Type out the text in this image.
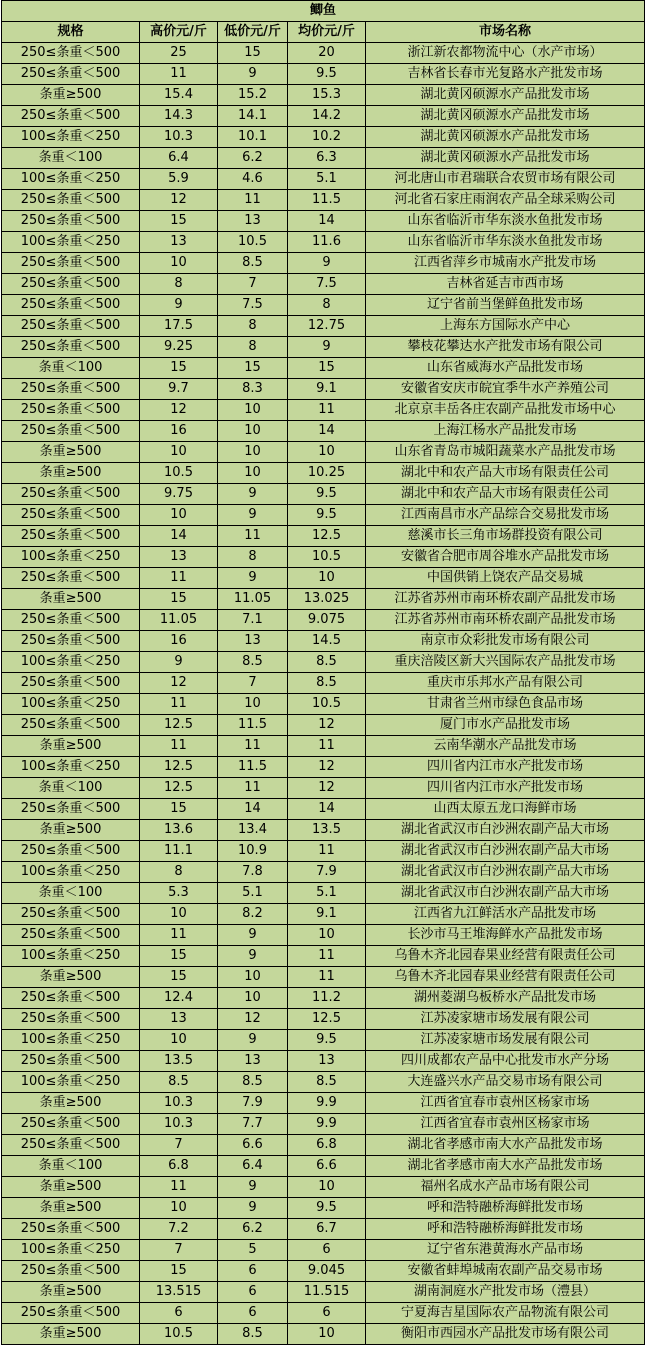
鲫鱼				
规格	高价元/斤	低价元/斤	均价元/斤	市场名称
250≤条重＜500	25	15	20	浙江新农都物流中心（水产市场）
250≤条重＜500	11	9	9.5	吉林省长春市光复路水产批发市场
条重≥500	15.4	15.2	15.3	湖北黄冈硕源水产品批发市场
250≤条重＜500	14.3	14.1	14.2	湖北黄冈硕源水产品批发市场
100≤条重＜250	10.3	10.1	10.2	湖北黄冈硕源水产品批发市场
条重＜100	6.4	6.2	6.3	湖北黄冈硕源水产品批发市场
100≤条重＜250	5.9	4.6	5.1	河北唐山市君瑞联合农贸市场有限公司
250≤条重＜500	12	11	11.5	河北省石家庄雨润农产品全球采购公司
250≤条重＜500	15	13	14	山东省临沂市华东淡水鱼批发市场
100≤条重＜250	13	10.5	11.6	山东省临沂市华东淡水鱼批发市场
250≤条重＜500	10	8.5	9	江西省萍乡市城南水产批发市场
250≤条重＜500	8	7	7.5	吉林省延吉市西市场
250≤条重＜500	9	7.5	8	辽宁省前当堡鲜鱼批发市场
250≤条重＜500	17.5	8	12.75	上海东方国际水产中心
250≤条重＜500	9.25	8	9	攀枝花攀达水产批发市场有限公司
条重＜100	15	15	15	山东省威海水产品批发市场
250≤条重＜500	9.7	8.3	9.1	安徽省安庆市皖宜季牛水产养殖公司
250≤条重＜500	12	10	11	北京京丰岳各庄农副产品批发市场中心
250≤条重＜500	16	10	14	上海江杨水产品批发市场
条重≥500	10	10	10	山东省青岛市城阳蔬菜水产品批发市场
条重≥500	10.5	10	10.25	湖北中和农产品大市场有限责任公司
250≤条重＜500	9.75	9	9.5	湖北中和农产品大市场有限责任公司
250≤条重＜500	10	9	9.5	江西南昌市水产品综合交易批发市场
250≤条重＜500	14	11	12.5	慈溪市长三角市场群投资有限公司
100≤条重＜250	13	8	10.5	安徽省合肥市周谷堆水产品批发市场
250≤条重＜500	11	9	10	中国供销上饶农产品交易城
条重≥500	15	11.05	13.025	江苏省苏州市南环桥农副产品批发市场
250≤条重＜500	11.05	7.1	9.075	江苏省苏州市南环桥农副产品批发市场
250≤条重＜500	16	13	14.5	南京市众彩批发市场有限公司
100≤条重＜250	9	8.5	8.5	重庆涪陵区新大兴国际农产品批发市场
250≤条重＜500	12	7	8.5	重庆市乐邦水产品有限公司
100≤条重＜250	11	10	10.5	甘肃省兰州市绿色食品市场
250≤条重＜500	12.5	11.5	12	厦门市水产品批发市场
条重≥500	11	11	11	云南华潮水产品批发市场
100≤条重＜250	12.5	11.5	12	四川省内江市水产批发市场
条重＜100	12.5	11	12	四川省内江市水产批发市场
250≤条重＜500	15	14	14	山西太原五龙口海鲜市场
条重≥500	13.6	13.4	13.5	湖北省武汉市白沙洲农副产品大市场
250≤条重＜500	11.1	10.9	11	湖北省武汉市白沙洲农副产品大市场
100≤条重＜250	8	7.8	7.9	湖北省武汉市白沙洲农副产品大市场
条重＜100	5.3	5.1	5.1	湖北省武汉市白沙洲农副产品大市场
250≤条重＜500	10	8.2	9.1	江西省九江鲜活水产品批发市场
250≤条重＜500	11	9	10	长沙市马王堆海鲜水产品批发市场
100≤条重＜250	15	9	11	乌鲁木齐北园春果业经营有限责任公司
条重≥500	15	10	11	乌鲁木齐北园春果业经营有限责任公司
250≤条重＜500	12.4	10	11.2	湖州菱湖乌板桥水产品批发市场
250≤条重＜500	13	12	12.5	江苏凌家塘市场发展有限公司
100≤条重＜250	10	9	9.5	江苏凌家塘市场发展有限公司
250≤条重＜500	13.5	13	13	四川成都农产品中心批发市水产分场
100≤条重＜250	8.5	8.5	8.5	大连盛兴水产品交易市场有限公司
条重≥500	10.3	7.9	9.9	江西省宜春市袁州区杨家市场
250≤条重＜500	10.3	7.7	9.9	江西省宜春市袁州区杨家市场
250≤条重＜500	7	6.6	6.8	湖北省孝感市南大水产品批发市场
条重＜100	6.8	6.4	6.6	湖北省孝感市南大水产品批发市场
条重≥500	11	9	10	福州名成水产品市场有限公司
条重≥500	10	9	9.5	呼和浩特融桥海鲜批发市场
250≤条重＜500	7.2	6.2	6.7	呼和浩特融桥海鲜批发市场
100≤条重＜250	7	5	6	辽宁省东港黄海水产品市场
250≤条重＜500	15	6	9.045	安徽省蚌埠城南农副产品交易市场
条重≥500	13.515	6	11.515	湖南洞庭水产批发市场（澧县）
250≤条重＜500	6	6	6	宁夏海吉星国际农产品物流有限公司
条重≥500	10.5	8.5	10	衡阳市西园水产品批发市场有限公司
